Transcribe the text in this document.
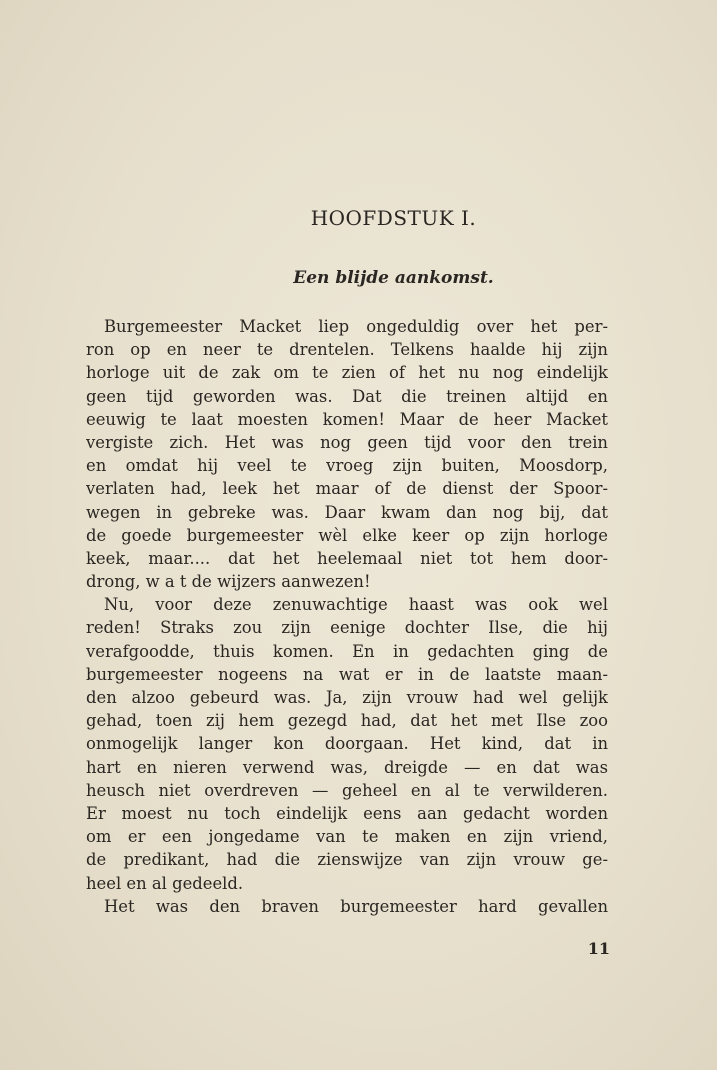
HOOFDSTUK I.
Een blijde aankomst.
Burgemeester Macket liep ongeduldig over het per-
ron op en neer te drentelen. Telkens haalde hij zijn
horloge uit de zak om te zien of het nu nog eindelijk
geen tijd geworden was. Dat die treinen altijd en
eeuwig te laat moesten komen! Maar de heer Macket
vergiste zich. Het was nog geen tijd voor den trein
en omdat hij veel te vroeg zijn buiten, Moosdorp,
verlaten had, leek het maar of de dienst der Spoor-
wegen in gebreke was. Daar kwam dan nog bij, dat
de goede burgemeester wèl elke keer op zijn horloge
keek, maar.... dat het heelemaal niet tot hem door-
drong, w a t de wijzers aanwezen!
Nu, voor deze zenuwachtige haast was ook wel
reden! Straks zou zijn eenige dochter Ilse, die hij
verafgoodde, thuis komen. En in gedachten ging de
burgemeester nogeens na wat er in de laatste maan-
den alzoo gebeurd was. Ja, zijn vrouw had wel gelijk
gehad, toen zij hem gezegd had, dat het met Ilse zoo
onmogelijk langer kon doorgaan. Het kind, dat in
hart en nieren verwend was, dreigde — en dat was
heusch niet overdreven — geheel en al te verwilderen.
Er moest nu toch eindelijk eens aan gedacht worden
om er een jongedame van te maken en zijn vriend,
de predikant, had die zienswijze van zijn vrouw ge-
heel en al gedeeld.
Het was den braven burgemeester hard gevallen
11
